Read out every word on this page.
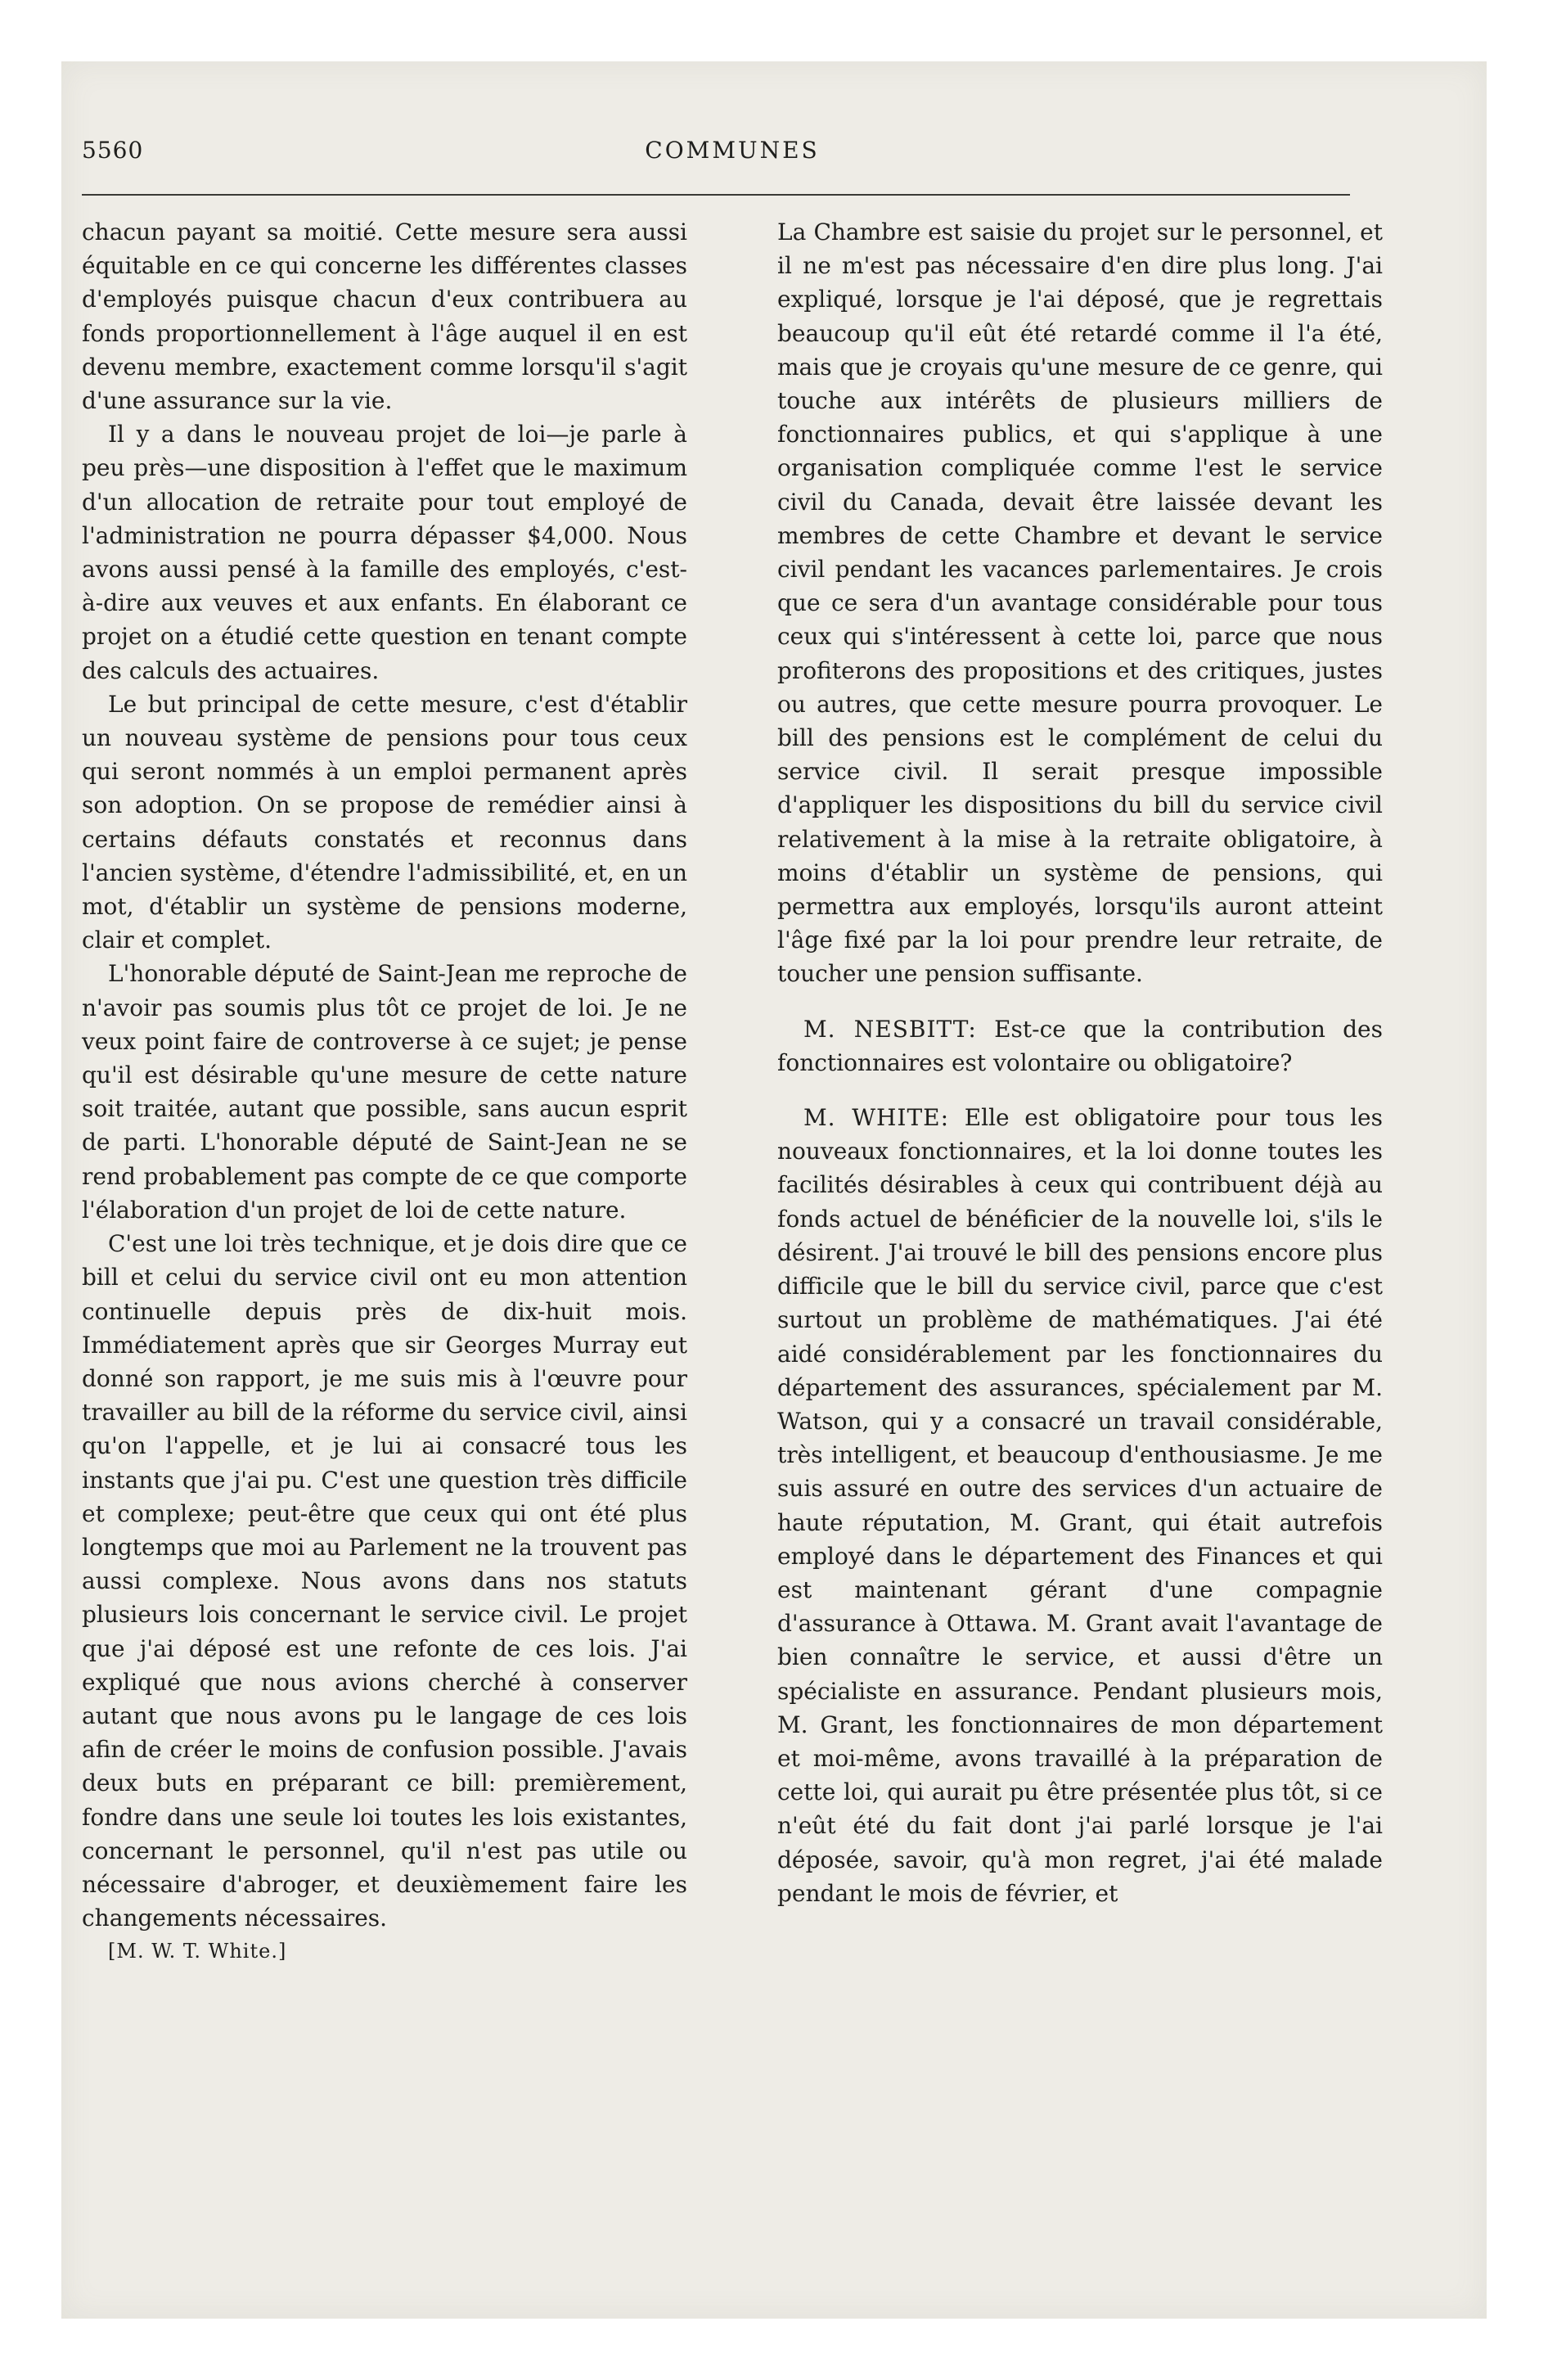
5560	COMMUNES

chacun payant sa moitié. Cette mesure sera aussi équitable en ce qui concerne les différentes classes d'employés puisque chacun d'eux contribuera au fonds proportionnellement à l'âge auquel il en est devenu membre, exactement comme lorsqu'il s'agit d'une assurance sur la vie.

Il y a dans le nouveau projet de loi—je parle à peu près—une disposition à l'effet que le maximum d'un allocation de retraite pour tout employé de l'administration ne pourra dépasser $4,000. Nous avons aussi pensé à la famille des employés, c'est-à-dire aux veuves et aux enfants. En élaborant ce projet on a étudié cette question en tenant compte des calculs des actuaires.

Le but principal de cette mesure, c'est d'établir un nouveau système de pensions pour tous ceux qui seront nommés à un emploi permanent après son adoption. On se propose de remédier ainsi à certains défauts constatés et reconnus dans l'ancien système, d'étendre l'admissibilité, et, en un mot, d'établir un système de pensions moderne, clair et complet.

L'honorable député de Saint-Jean me reproche de n'avoir pas soumis plus tôt ce projet de loi. Je ne veux point faire de controverse à ce sujet; je pense qu'il est désirable qu'une mesure de cette nature soit traitée, autant que possible, sans aucun esprit de parti. L'honorable député de Saint-Jean ne se rend probablement pas compte de ce que comporte l'élaboration d'un projet de loi de cette nature.

C'est une loi très technique, et je dois dire que ce bill et celui du service civil ont eu mon attention continuelle depuis près de dix-huit mois. Immédiatement après que sir Georges Murray eut donné son rapport, je me suis mis à l'œuvre pour travailler au bill de la réforme du service civil, ainsi qu'on l'appelle, et je lui ai consacré tous les instants que j'ai pu. C'est une question très difficile et complexe; peut-être que ceux qui ont été plus longtemps que moi au Parlement ne la trouvent pas aussi complexe. Nous avons dans nos statuts plusieurs lois concernant le service civil. Le projet que j'ai déposé est une refonte de ces lois. J'ai expliqué que nous avions cherché à conserver autant que nous avons pu le langage de ces lois afin de créer le moins de confusion possible. J'avais deux buts en préparant ce bill: premièrement, fondre dans une seule loi toutes les lois existantes, concernant le personnel, qu'il n'est pas utile ou nécessaire d'abroger, et deuxièmement faire les changements nécessaires.

[M. W. T. White.]

La Chambre est saisie du projet sur le personnel, et il ne m'est pas nécessaire d'en dire plus long. J'ai expliqué, lorsque je l'ai déposé, que je regrettais beaucoup qu'il eût été retardé comme il l'a été, mais que je croyais qu'une mesure de ce genre, qui touche aux intérêts de plusieurs milliers de fonctionnaires publics, et qui s'applique à une organisation compliquée comme l'est le service civil du Canada, devait être laissée devant les membres de cette Chambre et devant le service civil pendant les vacances parlementaires. Je crois que ce sera d'un avantage considérable pour tous ceux qui s'intéressent à cette loi, parce que nous profiterons des propositions et des critiques, justes ou autres, que cette mesure pourra provoquer. Le bill des pensions est le complément de celui du service civil. Il serait presque impossible d'appliquer les dispositions du bill du service civil relativement à la mise à la retraite obligatoire, à moins d'établir un système de pensions, qui permettra aux employés, lorsqu'ils auront atteint l'âge fixé par la loi pour prendre leur retraite, de toucher une pension suffisante.

M. NESBITT: Est-ce que la contribution des fonctionnaires est volontaire ou obligatoire?

M. WHITE: Elle est obligatoire pour tous les nouveaux fonctionnaires, et la loi donne toutes les facilités désirables à ceux qui contribuent déjà au fonds actuel de bénéficier de la nouvelle loi, s'ils le désirent. J'ai trouvé le bill des pensions encore plus difficile que le bill du service civil, parce que c'est surtout un problème de mathématiques. J'ai été aidé considérablement par les fonctionnaires du département des assurances, spécialement par M. Watson, qui y a consacré un travail considérable, très intelligent, et beaucoup d'enthousiasme. Je me suis assuré en outre des services d'un actuaire de haute réputation, M. Grant, qui était autrefois employé dans le département des Finances et qui est maintenant gérant d'une compagnie d'assurance à Ottawa. M. Grant avait l'avantage de bien connaître le service, et aussi d'être un spécialiste en assurance. Pendant plusieurs mois, M. Grant, les fonctionnaires de mon département et moi-même, avons travaillé à la préparation de cette loi, qui aurait pu être présentée plus tôt, si ce n'eût été du fait dont j'ai parlé lorsque je l'ai déposée, savoir, qu'à mon regret, j'ai été malade pendant le mois de février, et
